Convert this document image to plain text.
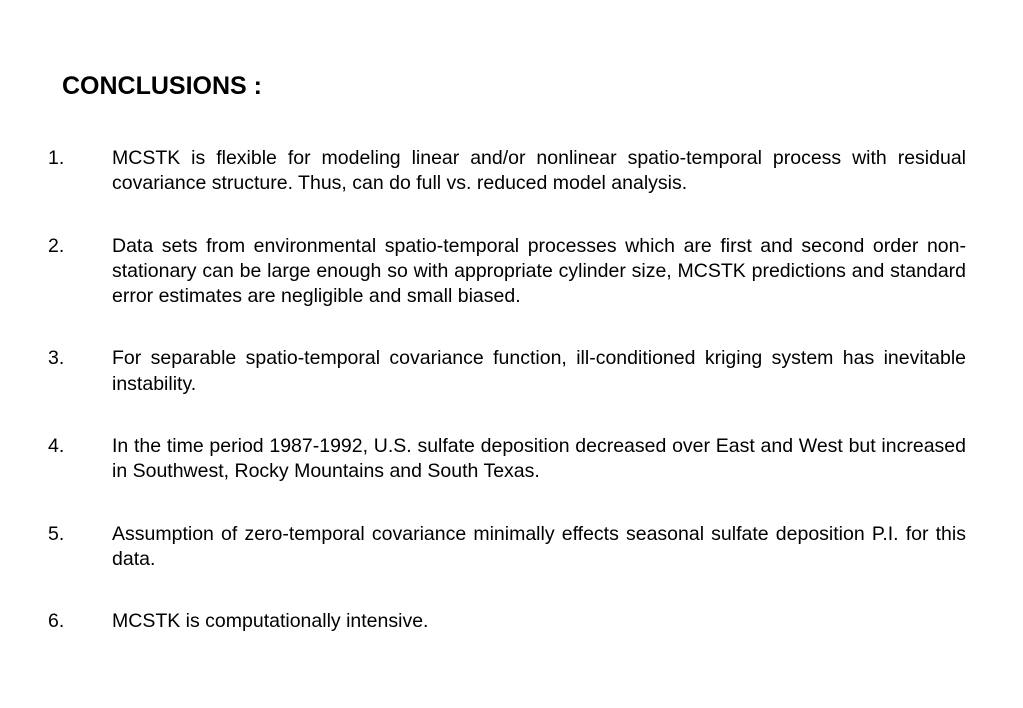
CONCLUSIONS :
1.	MCSTK is flexible for modeling linear and/or nonlinear spatio-temporal process with residual covariance structure. Thus, can do full vs. reduced model analysis.
2.	Data sets from environmental spatio-temporal processes which are first and second order non-stationary can be large enough so with appropriate cylinder size, MCSTK predictions and standard error estimates are negligible and small biased.
3.	For separable spatio-temporal covariance function, ill-conditioned kriging system has inevitable instability.
4.	In the time period 1987-1992, U.S. sulfate deposition decreased over East and West but increased in Southwest, Rocky Mountains and South Texas.
5.	Assumption of zero-temporal covariance minimally effects seasonal sulfate deposition P.I. for this data.
6.	MCSTK is computationally intensive.
